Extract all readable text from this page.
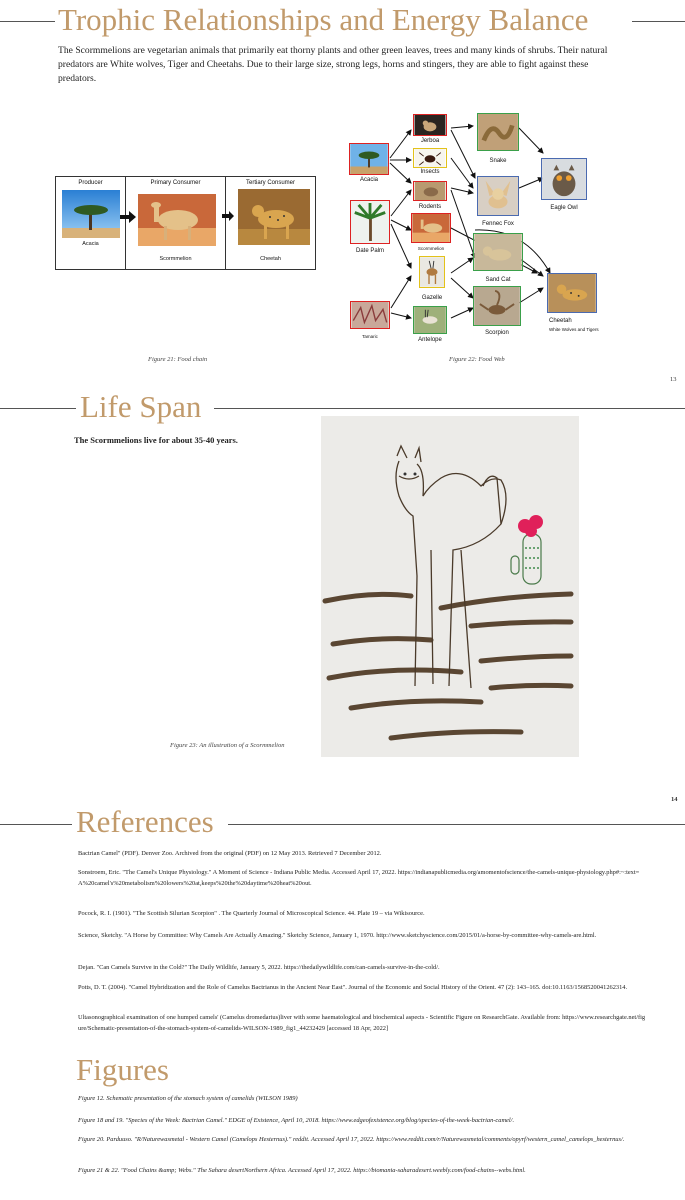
Trophic Relationships and Energy Balance
The Scormmelions are vegetarian animals that primarily eat thorny plants and other green leaves, trees and many kinds of shrubs. Their natural predators are White wolves, Tiger and Cheetahs. Due to their large size, strong legs, horns and stingers, they are able to fight against these predators.
Producer
Acacia
Primary Consumer
Scormmelion
Tertiary Consumer
Cheetah
Figure 21: Food chain
Acacia
Date Palm
Tamaric
Jerboa
Insects
Rodents
Scormmelion
Gazelle
Antelope
Snake
Fennec Fox
Sand Cat
Scorpion
Eagle Owl
Cheetah
White Wolves and Tigers
Figure 22: Food Web
13
Life Span
The Scormmelions live for about 35-40 years.
Figure 23: An illustration of a Scormmelion
14
References
Bactrian Camel" (PDF). Denver Zoo. Archived from the original (PDF) on 12 May 2013. Retrieved 7 December 2012.
Sonstroem, Eric. "The Camel's Unique Physiology." A Moment of Science - Indiana Public Media. Accessed April 17, 2022. https://indianapublicmedia.org/amomentofscience/the-camels-unique-physiology.php#:~:text=A%20camel's%20metabolism%20lowers%20at,keeps%20the%20daytime%20heat%20out.
Pocock, R. I. (1901). "The Scottish Silurian Scorpion" . The Quarterly Journal of Microscopical Science. 44. Plate 19 – via Wikisource.
Science, Sketchy. "A Horse by Committee: Why Camels Are Actually Amazing." Sketchy Science, January 1, 1970. http://www.sketchyscience.com/2015/01/a-horse-by-committee-why-camels-are.html.
Dejan. "Can Camels Survive in the Cold?" The Daily Wildlife, January 5, 2022. https://thedailywildlife.com/can-camels-survive-in-the-cold/.
Potts, D. T. (2004). "Camel Hybridization and the Role of Camelus Bactrianus in the Ancient Near East". Journal of the Economic and Social History of the Orient. 47 (2): 143–165. doi:10.1163/1568520041262314.
Ultasonographical examination of one humped camels' (Camelus dromedarius)liver with some haematological and biochemical aspects - Scientific Figure on ResearchGate. Available from: https://www.researchgate.net/figure/Schematic-presentation-of-the-stomach-system-of-camelids-WILSON-1989_fig1_44232429 [accessed 18 Apr, 2022]
Figures
Figure 12. Schematic presentation of the stomach system of camelids (WILSON 1989)
Figure 18 and 19. "Species of the Week: Bactrian Camel." EDGE of Existence, April 10, 2018. https://www.edgeofexistence.org/blog/species-of-the-week-bactrian-camel/.
Figure 20. Parduuso. "R/Naturewasmetal - Western Camel (Camelops Hesternus)." reddit. Accessed April 17, 2022. https://www.reddit.com/r/Naturewasmetal/comments/opyrf/western_camel_camelops_hesternus/.
Figure 21 & 22. "Food Chains &amp; Webs." The Sahara desertNorthern Africa. Accessed April 17, 2022. https://biomania-saharadesert.weebly.com/food-chains--webs.html.
